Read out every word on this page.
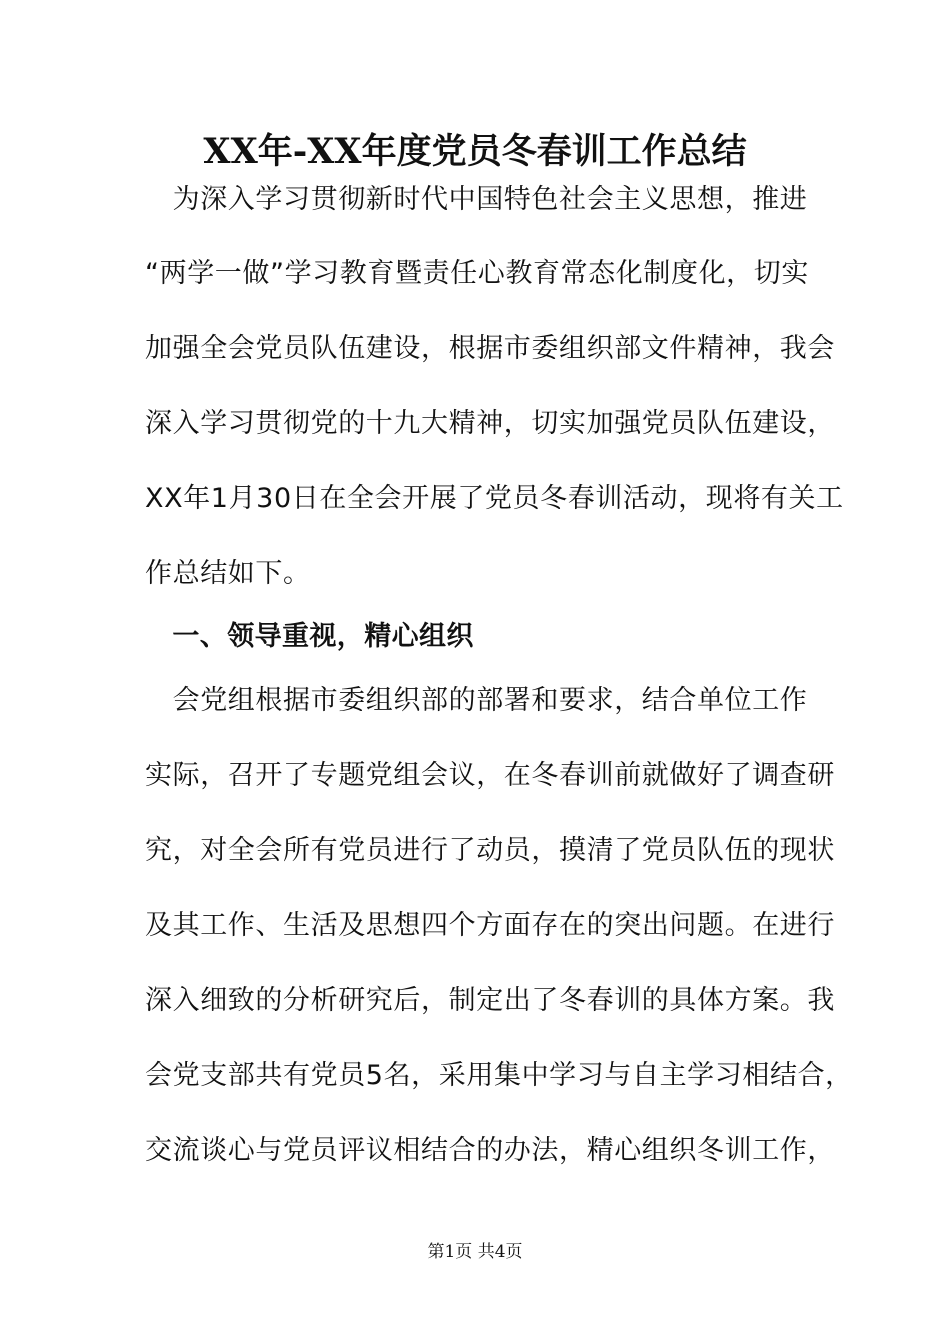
XX年-XX年度党员冬春训工作总结
　为深入学习贯彻新时代中国特色社会主义思想，推进
“两学一做”学习教育暨责任心教育常态化制度化，切实
加强全会党员队伍建设，根据市委组织部文件精神，我会
深入学习贯彻党的十九大精神，切实加强党员队伍建设，
XX年1月30日在全会开展了党员冬春训活动，现将有关工
作总结如下。
　一、领导重视，精心组织
　会党组根据市委组织部的部署和要求，结合单位工作
实际，召开了专题党组会议，在冬春训前就做好了调查研
究，对全会所有党员进行了动员，摸清了党员队伍的现状
及其工作、生活及思想四个方面存在的突出问题。在进行
深入细致的分析研究后，制定出了冬春训的具体方案。我
会党支部共有党员5名，采用集中学习与自主学习相结合，
交流谈心与党员评议相结合的办法，精心组织冬训工作，
第1页 共4页
